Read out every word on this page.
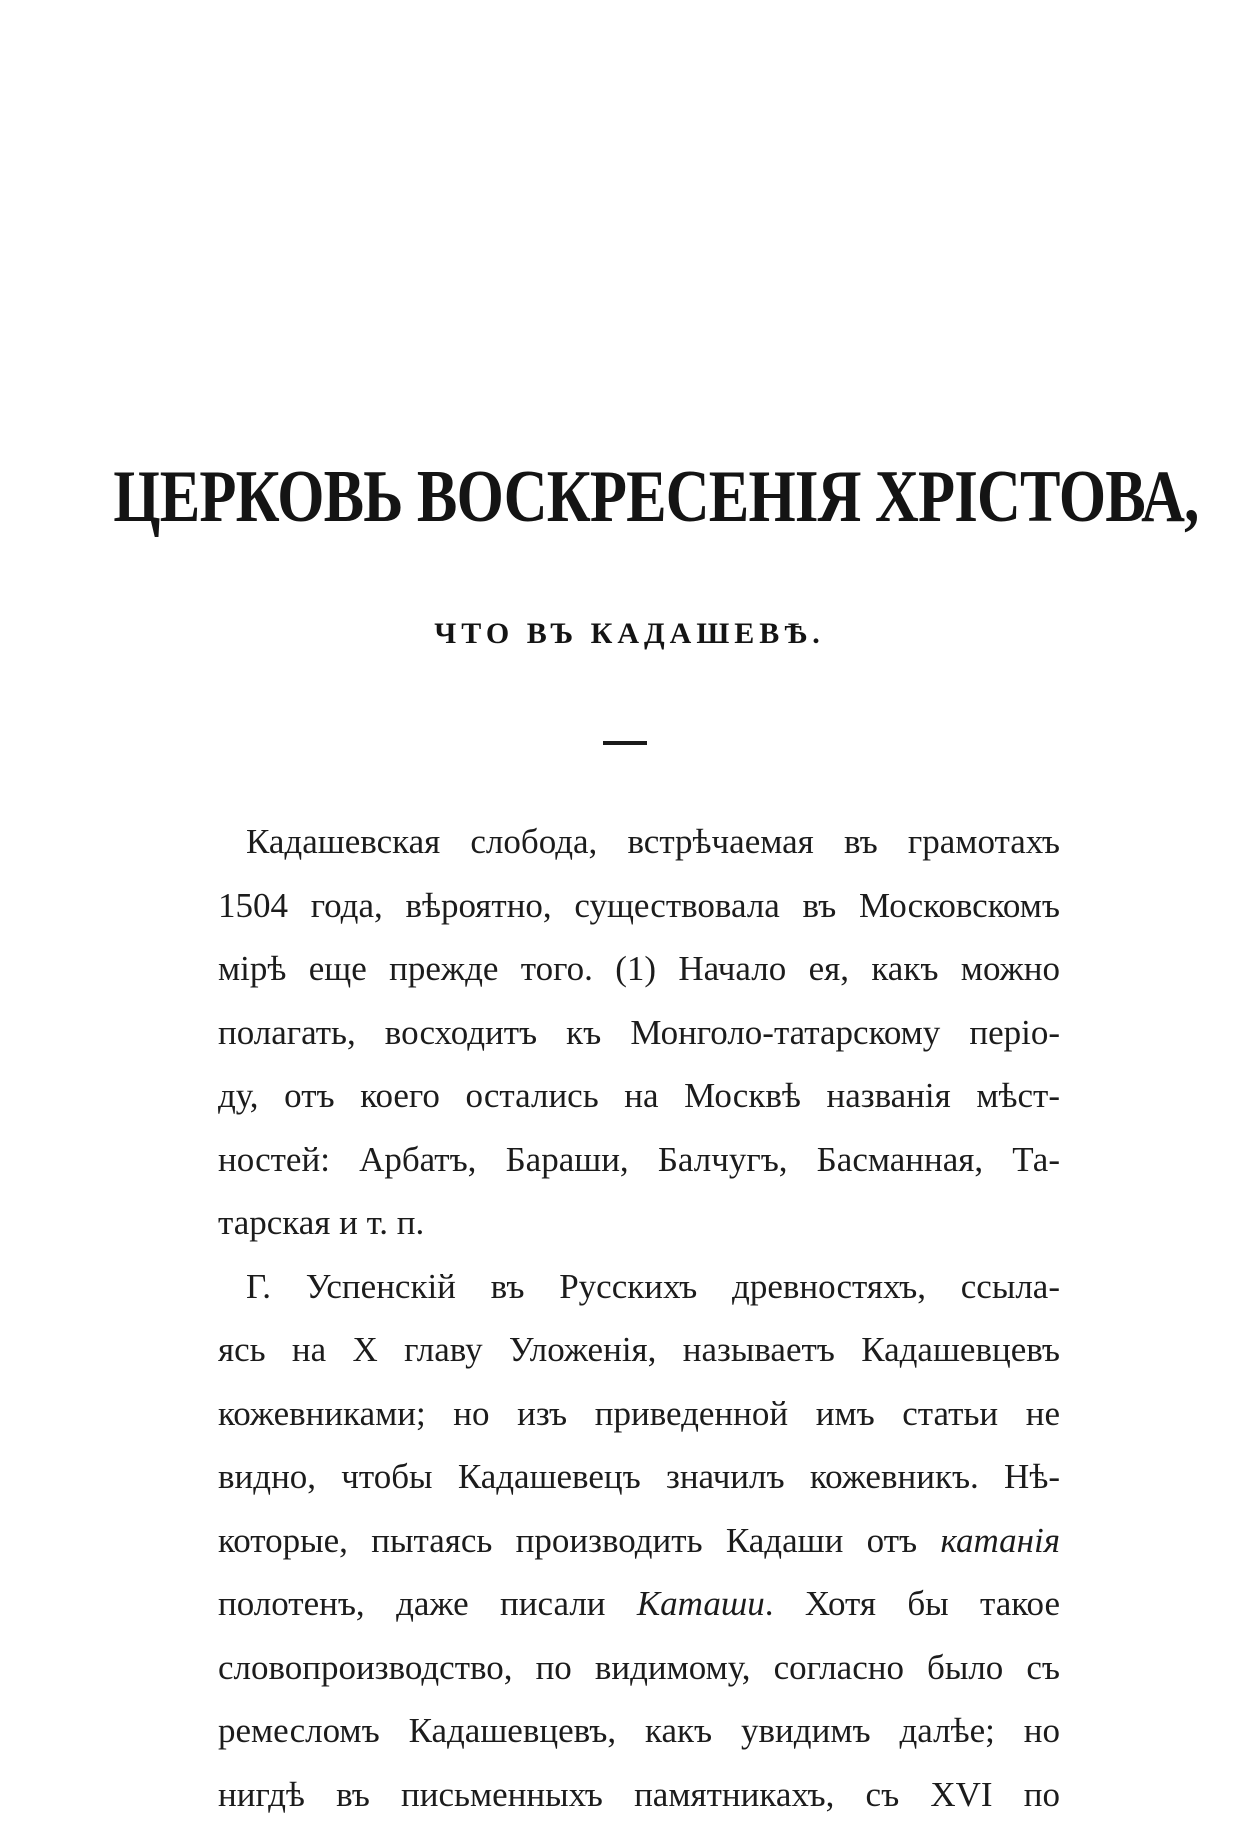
ЦЕРКОВЬ ВОСКРЕСЕНІЯ ХРІСТОВА,
ЧТО ВЪ КАДАШЕВѢ.
Кадашевская слобода, встрѣчаемая въ грамотахъ
1504 года, вѣроятно, существовала въ Московскомъ
мірѣ еще прежде того. (1) Начало ея, какъ можно
полагать, восходитъ къ Монголо-татарскому періо-
ду, отъ коего остались на Москвѣ названія мѣст-
ностей: Арбатъ, Бараши, Балчугъ, Басманная, Та-
тарская и т. п.
Г. Успенскій въ Русскихъ древностяхъ, ссыла-
ясь на X главу Уложенія, называетъ Кадашевцевъ
кожевниками; но изъ приведенной имъ статьи не
видно, чтобы Кадашевецъ значилъ кожевникъ. Нѣ-
которые, пытаясь производить Кадаши отъ катанія
полотенъ, даже писали Каташи. Хотя бы такое
словопроизводство, по видимому, согласно было съ
ремесломъ Кадашевцевъ, какъ увидимъ далѣе; но
нигдѣ въ письменныхъ памятникахъ, съ XVI по
